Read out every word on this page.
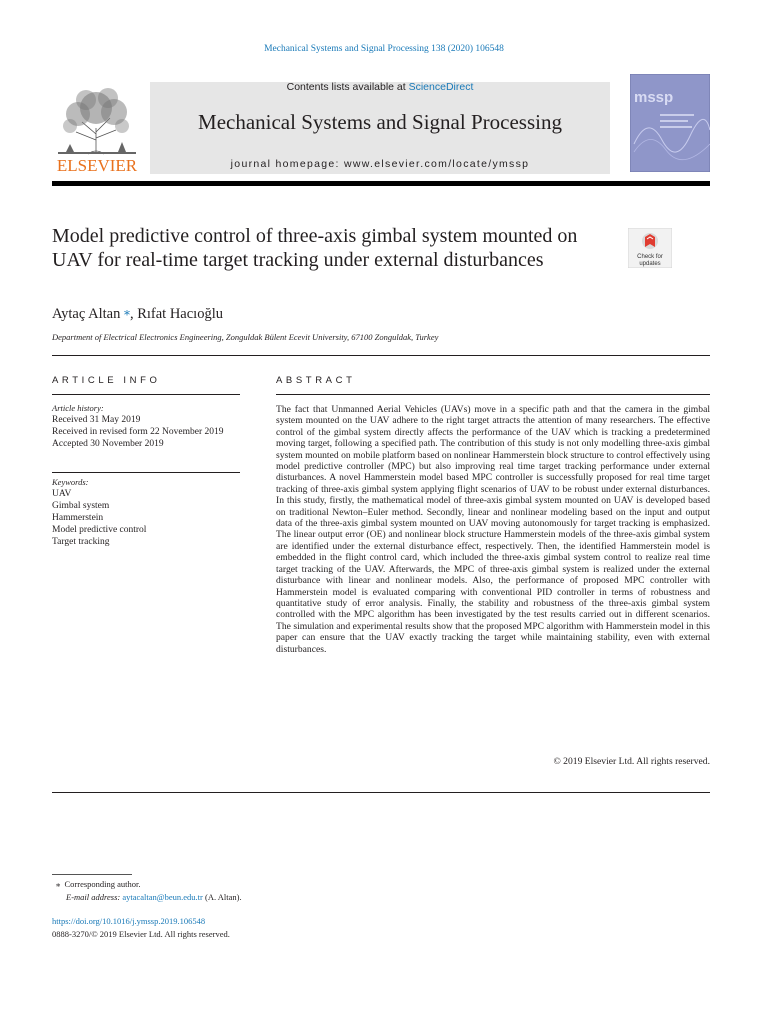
Mechanical Systems and Signal Processing 138 (2020) 106548
ELSEVIER
Contents lists available at ScienceDirect
Mechanical Systems and Signal Processing
journal homepage: www.elsevier.com/locate/ymssp
mssp
Model predictive control of three-axis gimbal system mounted on UAV for real-time target tracking under external disturbances	Check for
updates
Aytaç Altan ⁎, Rıfat Hacıoğlu
Department of Electrical Electronics Engineering, Zonguldak Bülent Ecevit University, 67100 Zonguldak, Turkey
ARTICLE INFO	ABSTRACT
Article history:
Received 31 May 2019
Received in revised form 22 November 2019
Accepted 30 November 2019
Keywords:
UAV
Gimbal system
Hammerstein
Model predictive control
Target tracking
The fact that Unmanned Aerial Vehicles (UAVs) move in a specific path and that the camera in the gimbal system mounted on the UAV adhere to the right target attracts the attention of many researchers. The effective control of the gimbal system directly affects the performance of the UAV which is tracking a predetermined moving target, following a specified path. The contribution of this study is not only modelling three-axis gimbal system mounted on mobile platform based on nonlinear Hammerstein block structure to control effectively using model predictive controller (MPC) but also improving real time target tracking performance under external disturbances. A novel Hammerstein model based MPC controller is successfully proposed for real time target tracking of three-axis gimbal system applying flight scenarios of UAV to be robust under external disturbances. In this study, firstly, the mathematical model of three-axis gimbal system mounted on UAV is developed based on traditional Newton–Euler method. Secondly, linear and nonlinear modeling based on the input and output data of the three-axis gimbal system mounted on UAV moving autonomously for target tracking is emphasized. The linear output error (OE) and nonlinear block structure Hammerstein models of the three-axis gimbal system are identified under the external disturbance effect, respectively. Then, the identified Hammerstein model is embedded in the flight control card, which included the three-axis gimbal system control to realize real time target tracking of the UAV. Afterwards, the MPC of three-axis gimbal system is realized under the external disturbance with linear and nonlinear models. Also, the performance of proposed MPC controller with Hammerstein model is evaluated comparing with conventional PID controller in terms of robustness and quantitative study of error analysis. Finally, the stability and robustness of the three-axis gimbal system controlled with the MPC algorithm has been investigated by the test results carried out in different scenarios. The simulation and experimental results show that the proposed MPC algorithm with Hammerstein model in this paper can ensure that the UAV exactly tracking the target while maintaining stability, even with external disturbances.
© 2019 Elsevier Ltd. All rights reserved.
⁎ Corresponding author.
E-mail address: aytacaltan@beun.edu.tr (A. Altan).
https://doi.org/10.1016/j.ymssp.2019.106548
0888-3270/© 2019 Elsevier Ltd. All rights reserved.
